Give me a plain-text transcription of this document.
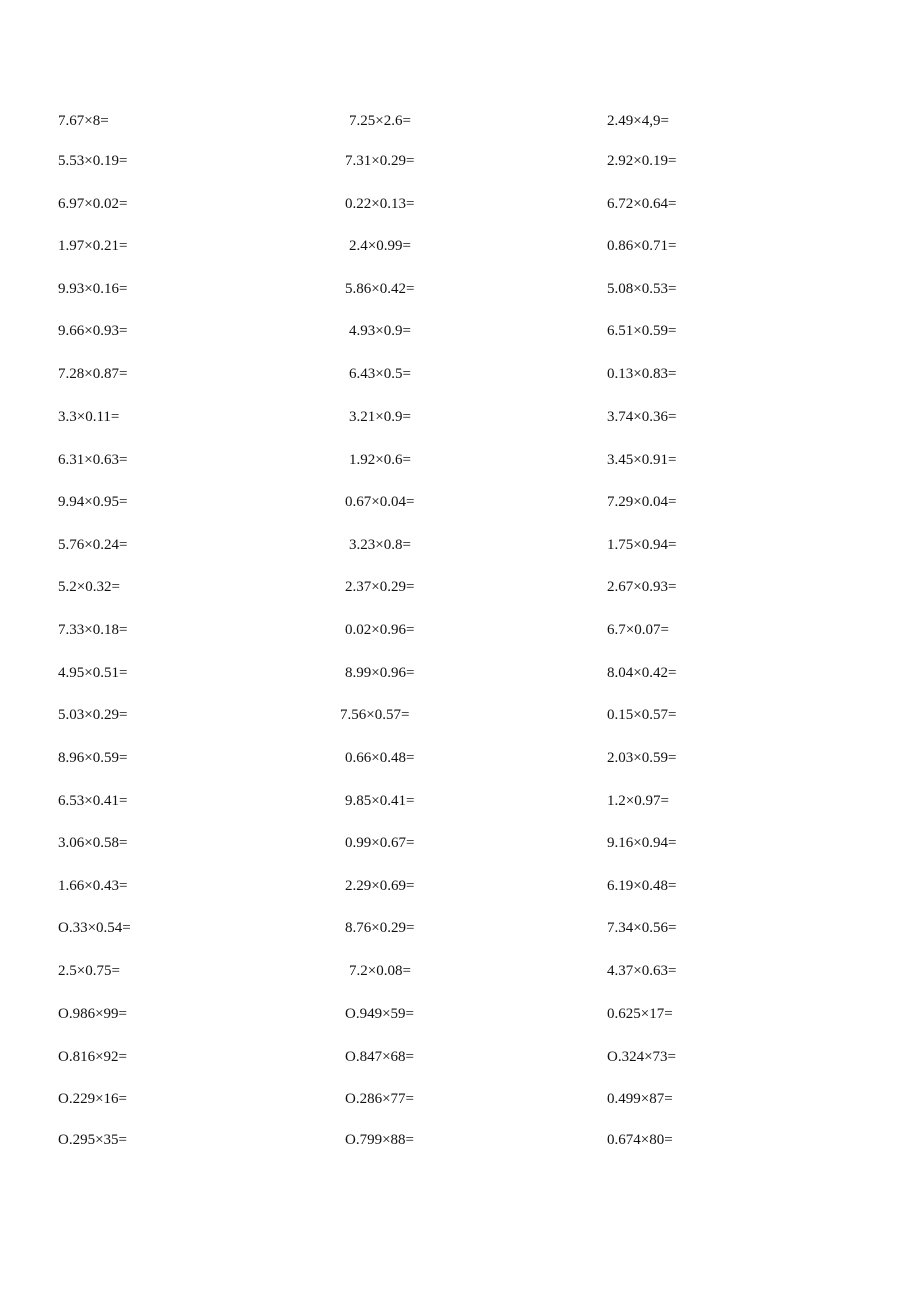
7.67×8=	7.25×2.6=	2.49×4,9=
5.53×0.19=	7.31×0.29=	2.92×0.19=
6.97×0.02=	0.22×0.13=	6.72×0.64=
1.97×0.21=	2.4×0.99=	0.86×0.71=
9.93×0.16=	5.86×0.42=	5.08×0.53=
9.66×0.93=	4.93×0.9=	6.51×0.59=
7.28×0.87=	6.43×0.5=	0.13×0.83=
3.3×0.11=	3.21×0.9=	3.74×0.36=
6.31×0.63=	1.92×0.6=	3.45×0.91=
9.94×0.95=	0.67×0.04=	7.29×0.04=
5.76×0.24=	3.23×0.8=	1.75×0.94=
5.2×0.32=	2.37×0.29=	2.67×0.93=
7.33×0.18=	0.02×0.96=	6.7×0.07=
4.95×0.51=	8.99×0.96=	8.04×0.42=
5.03×0.29=	7.56×0.57=	0.15×0.57=
8.96×0.59=	0.66×0.48=	2.03×0.59=
6.53×0.41=	9.85×0.41=	1.2×0.97=
3.06×0.58=	0.99×0.67=	9.16×0.94=
1.66×0.43=	2.29×0.69=	6.19×0.48=
O.33×0.54=	8.76×0.29=	7.34×0.56=
2.5×0.75=	7.2×0.08=	4.37×0.63=
O.986×99=	O.949×59=	0.625×17=
O.816×92=	O.847×68=	O.324×73=
O.229×16=	O.286×77=	0.499×87=
O.295×35=	O.799×88=	0.674×80=
